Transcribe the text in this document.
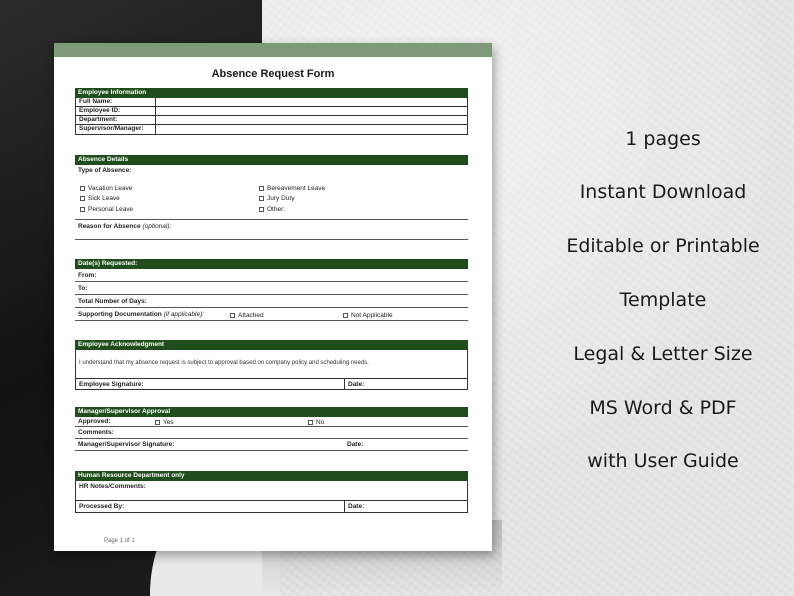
Absence Request Form
Employee Information
Full Name:
Employee ID:
Department:
Supervisor/Manager:
Absence Details
Type of Absence:
Vacation Leave
Sick Leave
Personal Leave
Bereavement Leave
Jury Duty
Other:
Reason for Absence (optional):
Date(s) Requested:
From:
To:
Total Number of Days:
Supporting Documentation (if applicable):	Attached	Not Applicable
Employee Acknowledgment
I understand that my absence request is subject to approval based on company policy and scheduling needs.
Employee Signature:	Date:
Manager/Supervisor Approval
Approved:	Yes	No
Comments:
Manager/Supervisor Signature:	Date:
Human Resource Department only
HR Notes/Comments:
Processed By:	Date:
Page 1 of 1
1 pages
Instant Download
Editable or Printable
Template
Legal & Letter Size
MS Word & PDF
with User Guide
